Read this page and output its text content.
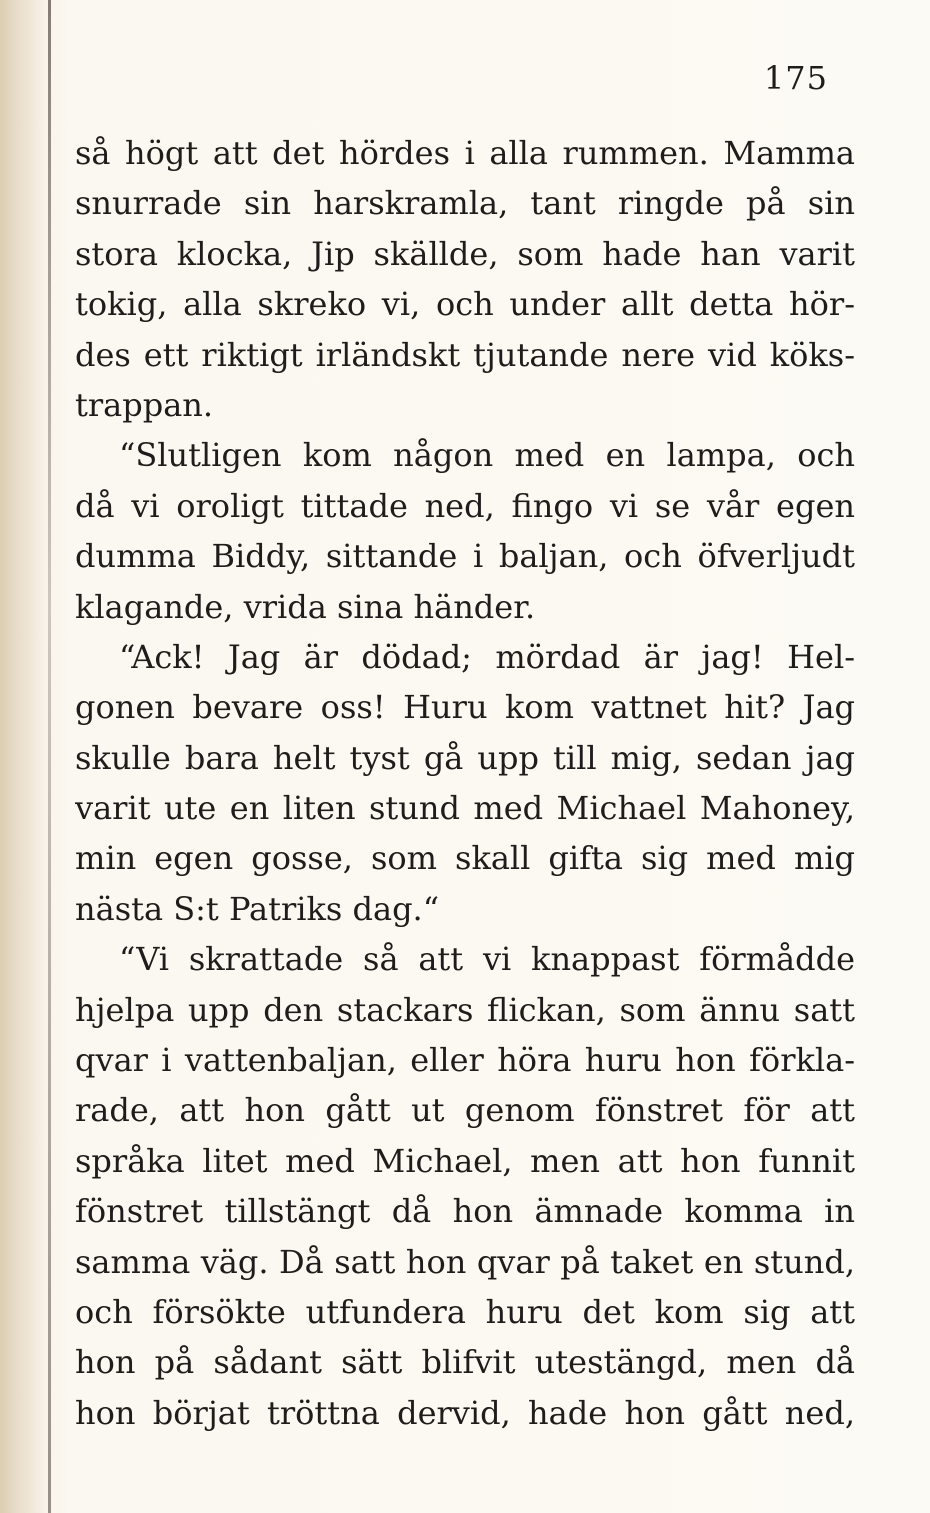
175
så högt att det hördes i alla rummen. Mamma
snurrade sin harskramla, tant ringde på sin
stora klocka, Jip skällde, som hade han varit
tokig, alla skreko vi, och under allt detta hör-
des ett riktigt irländskt tjutande nere vid köks-
trappan.
“Slutligen kom någon med en lampa, och
då vi oroligt tittade ned, fingo vi se vår egen
dumma Biddy, sittande i baljan, och öfverljudt
klagande, vrida sina händer.
“Ack! Jag är dödad; mördad är jag! Hel-
gonen bevare oss! Huru kom vattnet hit? Jag
skulle bara helt tyst gå upp till mig, sedan jag
varit ute en liten stund med Michael Mahoney,
min egen gosse, som skall gifta sig med mig
nästa S:t Patriks dag.“
“Vi skrattade så att vi knappast förmådde
hjelpa upp den stackars flickan, som ännu satt
qvar i vattenbaljan, eller höra huru hon förkla-
rade, att hon gått ut genom fönstret för att
språka litet med Michael, men att hon funnit
fönstret tillstängt då hon ämnade komma in
samma väg. Då satt hon qvar på taket en stund,
och försökte utfundera huru det kom sig att
hon på sådant sätt blifvit utestängd, men då
hon börjat tröttna dervid, hade hon gått ned,
